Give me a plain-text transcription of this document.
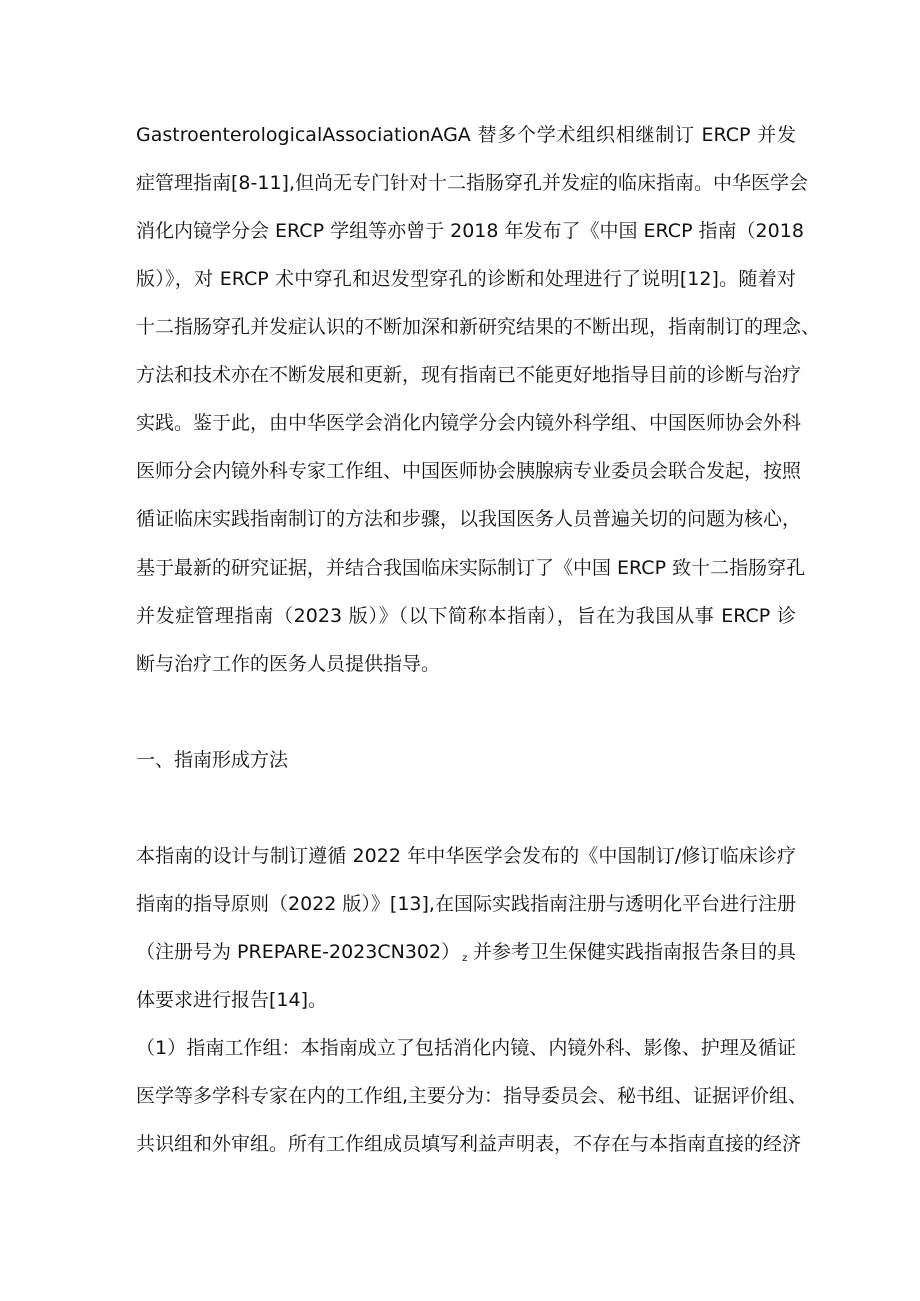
GastroenterologicalAssociationAGA 替多个学术组织相继制订 ERCP 并发
症管理指南[8-11],但尚无专门针对十二指肠穿孔并发症的临床指南。中华医学会
消化内镜学分会 ERCP 学组等亦曾于 2018 年发布了《中国 ERCP 指南（2018
版）》，对 ERCP 术中穿孔和迟发型穿孔的诊断和处理进行了说明[12]。随着对
十二指肠穿孔并发症认识的不断加深和新研究结果的不断出现，指南制订的理念、
方法和技术亦在不断发展和更新，现有指南已不能更好地指导目前的诊断与治疗
实践。鉴于此，由中华医学会消化内镜学分会内镜外科学组、中国医师协会外科
医师分会内镜外科专家工作组、中国医师协会胰腺病专业委员会联合发起，按照
循证临床实践指南制订的方法和步骤，以我国医务人员普遍关切的问题为核心，
基于最新的研究证据，并结合我国临床实际制订了《中国 ERCP 致十二指肠穿孔
并发症管理指南（2023 版）》（以下简称本指南），旨在为我国从事 ERCP 诊
断与治疗工作的医务人员提供指导。
一、指南形成方法
本指南的设计与制订遵循 2022 年中华医学会发布的《中国制订/修订临床诊疗
指南的指导原则（2022 版）》[13],在国际实践指南注册与透明化平台进行注册
（注册号为 PREPARE-2023CN302） $_z$ 并参考卫生保健实践指南报告条目的具
体要求进行报告[14]。
（1）指南工作组：本指南成立了包括消化内镜、内镜外科、影像、护理及循证
医学等多学科专家在内的工作组,主要分为：指导委员会、秘书组、证据评价组、
共识组和外审组。所有工作组成员填写利益声明表，不存在与本指南直接的经济
